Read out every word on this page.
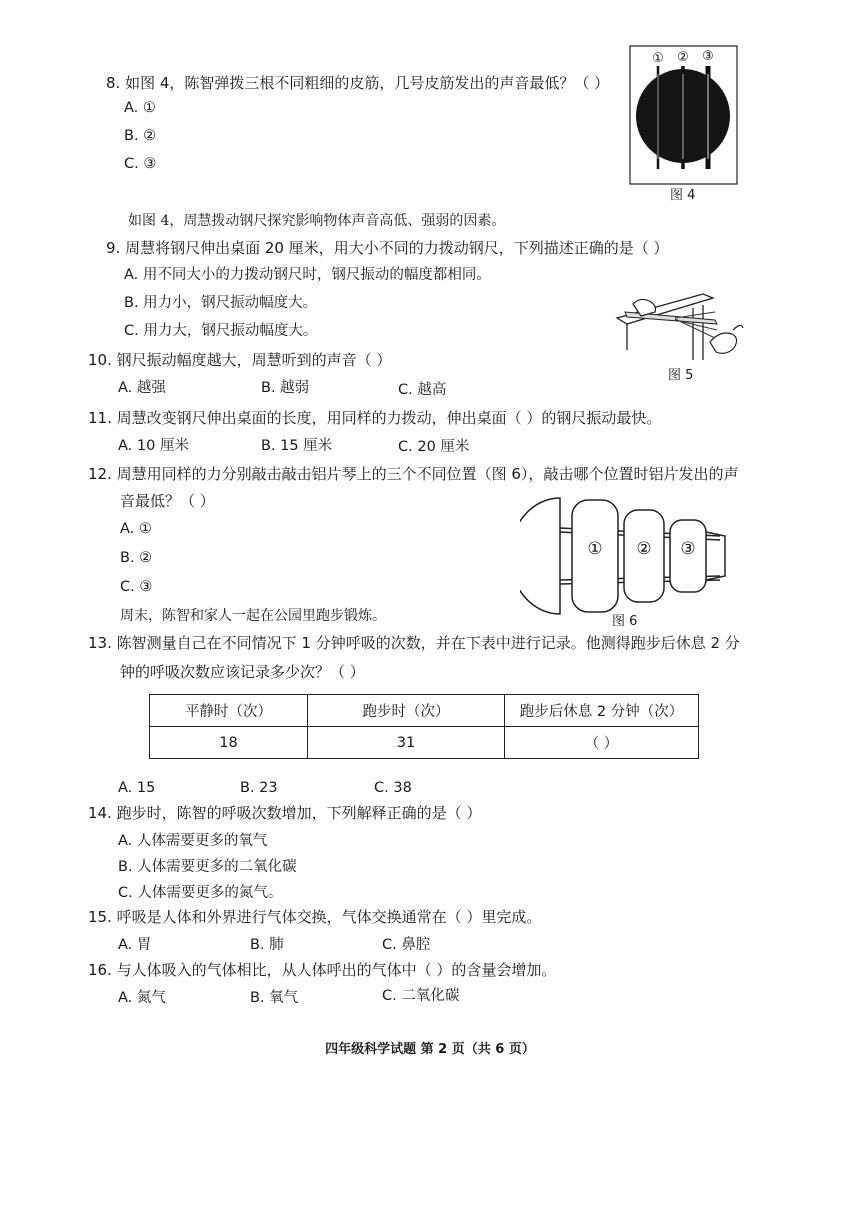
8. 如图 4，陈智弹拨三根不同粗细的皮筋，几号皮筋发出的声音最低？（ ）
A. ①
B. ②
C. ③
① ② ③
图 4
如图 4，周慧拨动钢尺探究影响物体声音高低、强弱的因素。
9. 周慧将钢尺伸出桌面 20 厘米，用大小不同的力拨动钢尺，下列描述正确的是（ ）
A. 用不同大小的力拨动钢尺时，钢尺振动的幅度都相同。
B. 用力小，钢尺振动幅度大。
C. 用力大，钢尺振动幅度大。
图 5
10. 钢尺振动幅度越大，周慧听到的声音（ ）
A. 越强	B. 越弱	C. 越高
11. 周慧改变钢尺伸出桌面的长度，用同样的力拨动，伸出桌面（ ）的钢尺振动最快。
A. 10 厘米	B. 15 厘米	C. 20 厘米
12. 周慧用同样的力分别敲击敲击铝片琴上的三个不同位置（图 6），敲击哪个位置时铝片发出的声
音最低？（ ）
A. ①
B. ②
C. ③
① ② ③
图 6
周末，陈智和家人一起在公园里跑步锻炼。
13. 陈智测量自己在不同情况下 1 分钟呼吸的次数，并在下表中进行记录。他测得跑步后休息 2 分
钟的呼吸次数应该记录多少次？（ ）
平静时（次）	跑步时（次）	跑步后休息 2 分钟（次）
18	31	（ ）
A. 15	B. 23	C. 38
14. 跑步时，陈智的呼吸次数增加，下列解释正确的是（ ）
A. 人体需要更多的氧气
B. 人体需要更多的二氧化碳
C. 人体需要更多的氮气。
15. 呼吸是人体和外界进行气体交换，气体交换通常在（ ）里完成。
A. 胃	B. 肺	C. 鼻腔
16. 与人体吸入的气体相比，从人体呼出的气体中（ ）的含量会增加。
A. 氮气	B. 氧气	C. 二氧化碳
四年级科学试题 第 2 页（共 6 页）
